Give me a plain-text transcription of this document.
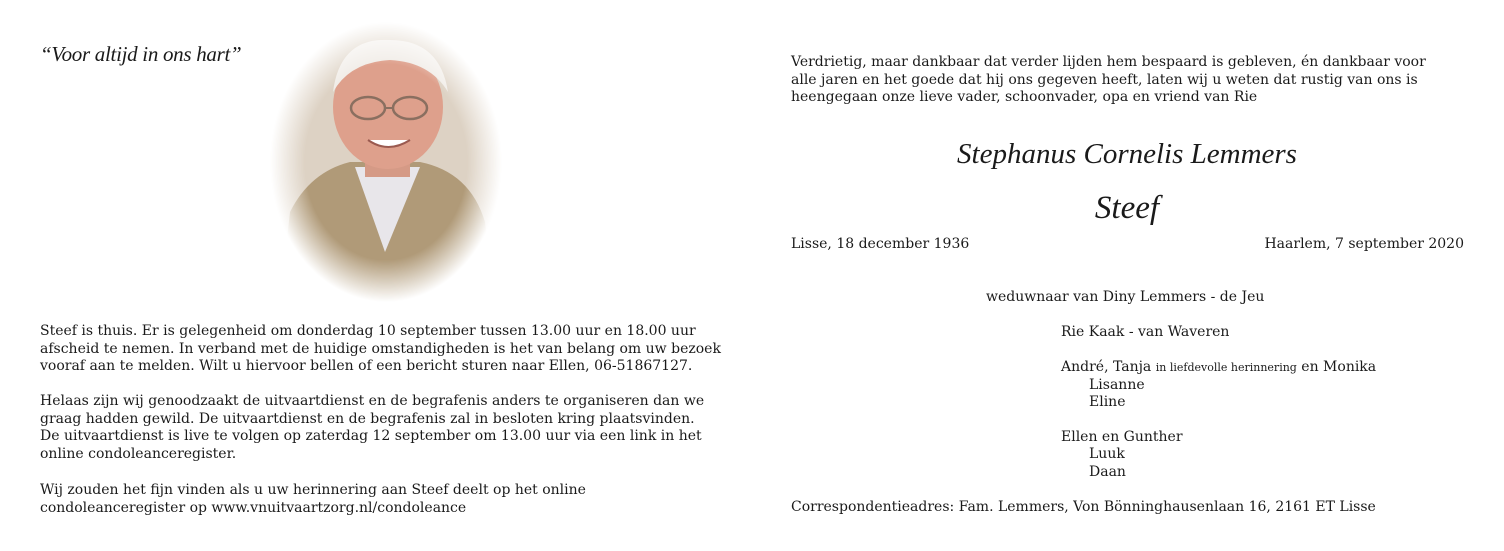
“Voor altijd in ons hart”
Steef is thuis. Er is gelegenheid om donderdag 10 september tussen 13.00 uur en 18.00 uur
afscheid te nemen. In verband met de huidige omstandigheden is het van belang om uw bezoek
vooraf aan te melden. Wilt u hiervoor bellen of een bericht sturen naar Ellen, 06-51867127.
Helaas zijn wij genoodzaakt de uitvaartdienst en de begrafenis anders te organiseren dan we
graag hadden gewild. De uitvaartdienst en de begrafenis zal in besloten kring plaatsvinden.
De uitvaartdienst is live te volgen op zaterdag 12 september om 13.00 uur via een link in het
online condoleanceregister.
Wij zouden het fijn vinden als u uw herinnering aan Steef deelt op het online
condoleanceregister op www.vnuitvaartzorg.nl/condoleance
Verdrietig, maar dankbaar dat verder lijden hem bespaard is gebleven, én dankbaar voor
alle jaren en het goede dat hij ons gegeven heeft, laten wij u weten dat rustig van ons is
heengegaan onze lieve vader, schoonvader, opa en vriend van Rie
Stephanus Cornelis Lemmers
Steef
Lisse, 18 december 1936	Haarlem, 7 september 2020
weduwnaar van Diny Lemmers - de Jeu
Rie Kaak - van Waveren
André, Tanja in liefdevolle herinnering en Monika
Lisanne
Eline
Ellen en Gunther
Luuk
Daan
Correspondentieadres: Fam. Lemmers, Von Bönninghausenlaan 16, 2161 ET Lisse
